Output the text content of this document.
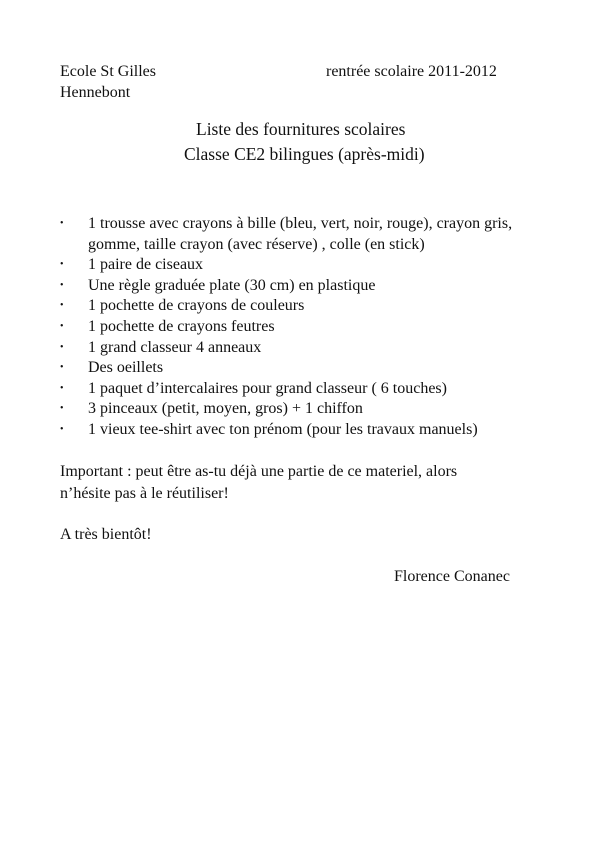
Ecole St Gilles
Hennebont
rentrée scolaire 2011-2012
Liste des fournitures scolaires
Classe CE2 bilingues (après-midi)
• 1 trousse avec crayons à bille (bleu, vert, noir, rouge), crayon gris, gomme, taille crayon (avec réserve) , colle (en stick)
• 1 paire de ciseaux
• Une règle graduée plate (30 cm) en plastique
• 1 pochette de crayons de couleurs
• 1 pochette de crayons feutres
• 1 grand classeur 4 anneaux
• Des oeillets
• 1 paquet d’intercalaires pour grand classeur ( 6 touches)
• 3 pinceaux (petit, moyen, gros) + 1 chiffon
• 1 vieux tee-shirt avec ton prénom (pour les travaux manuels)
Important : peut être as-tu déjà une partie de ce materiel, alors
n’hésite pas à le réutiliser!
A très bientôt!
Florence Conanec
